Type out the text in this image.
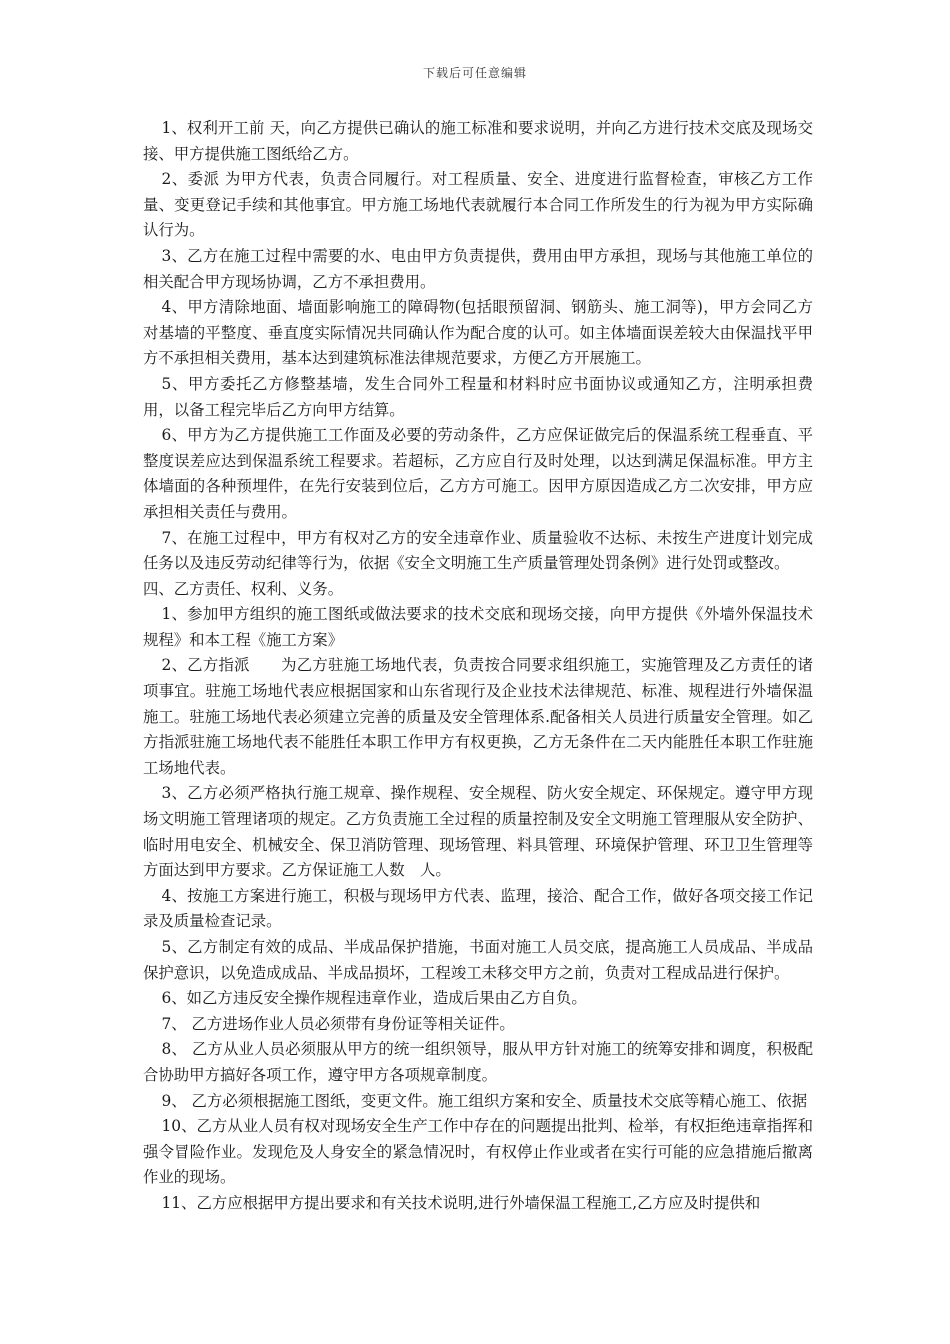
下载后可任意编辑

1、权利开工前 天，向乙方提供已确认的施工标准和要求说明，并向乙方进行技术交底及现场交接、甲方提供施工图纸给乙方。

2、委派 为甲方代表，负责合同履行。对工程质量、安全、进度进行监督检查，审核乙方工作量、变更登记手续和其他事宜。甲方施工场地代表就履行本合同工作所发生的行为视为甲方实际确认行为。

3、乙方在施工过程中需要的水、电由甲方负责提供，费用由甲方承担，现场与其他施工单位的相关配合甲方现场协调，乙方不承担费用。

4、甲方清除地面、墙面影响施工的障碍物(包括眼预留洞、钢筋头、施工洞等)，甲方会同乙方对基墙的平整度、垂直度实际情况共同确认作为配合度的认可。如主体墙面误差较大由保温找平甲方不承担相关费用，基本达到建筑标准法律规范要求，方便乙方开展施工。

5、甲方委托乙方修整基墙，发生合同外工程量和材料时应书面协议或通知乙方，注明承担费用，以备工程完毕后乙方向甲方结算。

6、甲方为乙方提供施工工作面及必要的劳动条件，乙方应保证做完后的保温系统工程垂直、平整度误差应达到保温系统工程要求。若超标，乙方应自行及时处理，以达到满足保温标准。甲方主体墙面的各种预埋件，在先行安装到位后，乙方方可施工。因甲方原因造成乙方二次安排，甲方应承担相关责任与费用。

7、在施工过程中，甲方有权对乙方的安全违章作业、质量验收不达标、未按生产进度计划完成任务以及违反劳动纪律等行为，依据《安全文明施工生产质量管理处罚条例》进行处罚或整改。

四、乙方责任、权利、义务。

1、参加甲方组织的施工图纸或做法要求的技术交底和现场交接，向甲方提供《外墙外保温技术规程》和本工程《施工方案》

2、乙方指派　　为乙方驻施工场地代表，负责按合同要求组织施工，实施管理及乙方责任的诸项事宜。驻施工场地代表应根据国家和山东省现行及企业技术法律规范、标准、规程进行外墙保温施工。驻施工场地代表必须建立完善的质量及安全管理体系.配备相关人员进行质量安全管理。如乙方指派驻施工场地代表不能胜任本职工作甲方有权更换，乙方无条件在二天内能胜任本职工作驻施工场地代表。

3、乙方必须严格执行施工规章、操作规程、安全规程、防火安全规定、环保规定。遵守甲方现场文明施工管理诸项的规定。乙方负责施工全过程的质量控制及安全文明施工管理服从安全防护、临时用电安全、机械安全、保卫消防管理、现场管理、料具管理、环境保护管理、环卫卫生管理等方面达到甲方要求。乙方保证施工人数　人。

4、按施工方案进行施工，积极与现场甲方代表、监理，接洽、配合工作，做好各项交接工作记录及质量检查记录。

5、乙方制定有效的成品、半成品保护措施，书面对施工人员交底，提高施工人员成品、半成品保护意识，以免造成成品、半成品损坏，工程竣工未移交甲方之前，负责对工程成品进行保护。

6、如乙方违反安全操作规程违章作业，造成后果由乙方自负。

7、 乙方进场作业人员必须带有身份证等相关证件。

8、 乙方从业人员必须服从甲方的统一组织领导，服从甲方针对施工的统筹安排和调度，积极配合协助甲方搞好各项工作，遵守甲方各项规章制度。

9、 乙方必须根据施工图纸，变更文件。施工组织方案和安全、质量技术交底等精心施工、依据

10、乙方从业人员有权对现场安全生产工作中存在的问题提出批判、检举，有权拒绝违章指挥和强令冒险作业。发现危及人身安全的紧急情况时，有权停止作业或者在实行可能的应急措施后撤离作业的现场。

11、乙方应根据甲方提出要求和有关技术说明,进行外墙保温工程施工,乙方应及时提供和
